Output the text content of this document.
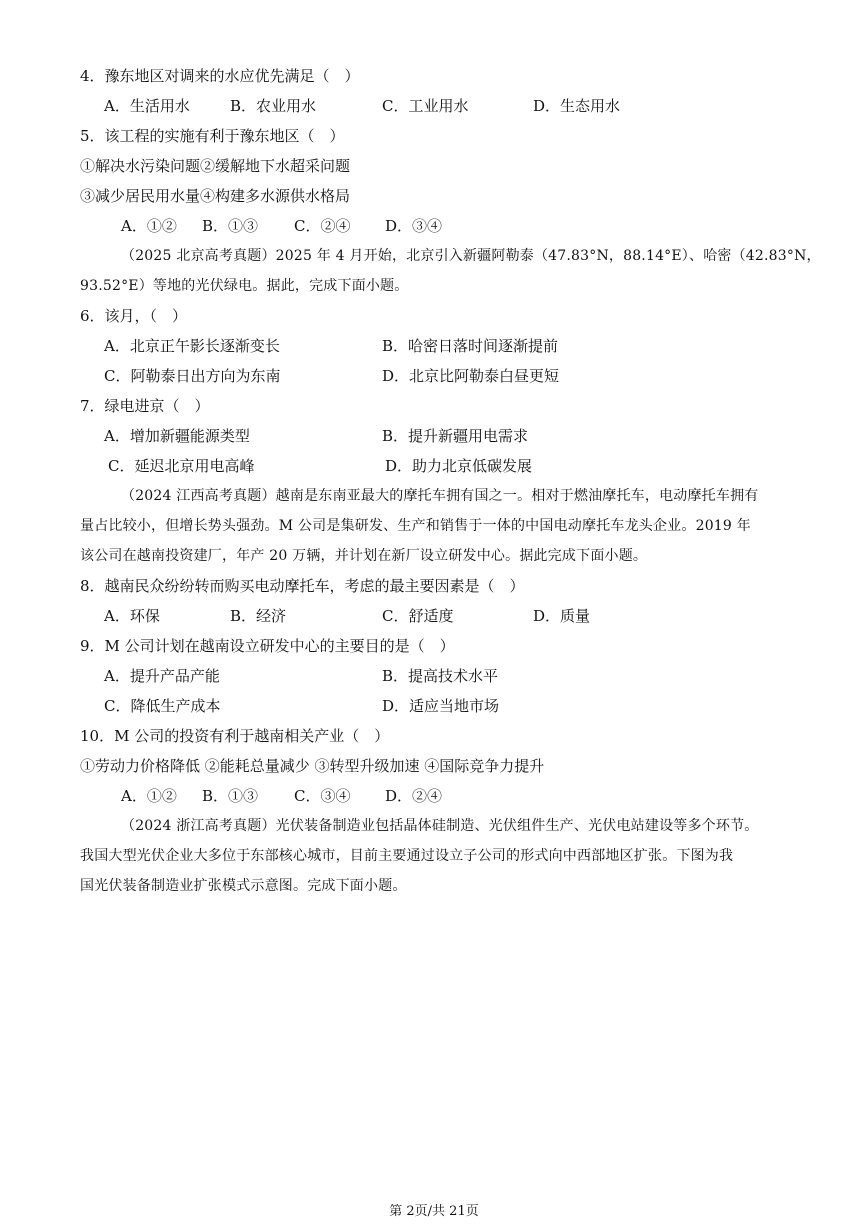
4．豫东地区对调来的水应优先满足（　）
A．生活用水	B．农业用水	C．工业用水	D．生态用水
5．该工程的实施有利于豫东地区（　）
①解决水污染问题②缓解地下水超采问题
③减少居民用水量④构建多水源供水格局
A．①② B．①③ C．②④ D．③④
（2025 北京高考真题）2025 年 4 月开始，北京引入新疆阿勒泰（47.83°N，88.14°E）、哈密（42.83°N，
93.52°E）等地的光伏绿电。据此，完成下面小题。
6．该月，（　）
A．北京正午影长逐渐变长	B．哈密日落时间逐渐提前
C．阿勒泰日出方向为东南	D．北京比阿勒泰白昼更短
7．绿电进京（　）
A．增加新疆能源类型	B．提升新疆用电需求
C．延迟北京用电高峰	D．助力北京低碳发展
（2024 江西高考真题）越南是东南亚最大的摩托车拥有国之一。相对于燃油摩托车，电动摩托车拥有
量占比较小，但增长势头强劲。M 公司是集研发、生产和销售于一体的中国电动摩托车龙头企业。2019 年
该公司在越南投资建厂，年产 20 万辆，并计划在新厂设立研发中心。据此完成下面小题。
8．越南民众纷纷转而购买电动摩托车，考虑的最主要因素是（　）
A．环保	B．经济	C．舒适度	D．质量
9．M 公司计划在越南设立研发中心的主要目的是（　）
A．提升产品产能	B．提高技术水平
C．降低生产成本	D．适应当地市场
10．M 公司的投资有利于越南相关产业（　）
①劳动力价格降低 ②能耗总量减少 ③转型升级加速 ④国际竞争力提升
A．①② B．①③ C．③④ D．②④
（2024 浙江高考真题）光伏装备制造业包括晶体硅制造、光伏组件生产、光伏电站建设等多个环节。
我国大型光伏企业大多位于东部核心城市，目前主要通过设立子公司的形式向中西部地区扩张。下图为我
国光伏装备制造业扩张模式示意图。完成下面小题。
第 2页/共 21页
